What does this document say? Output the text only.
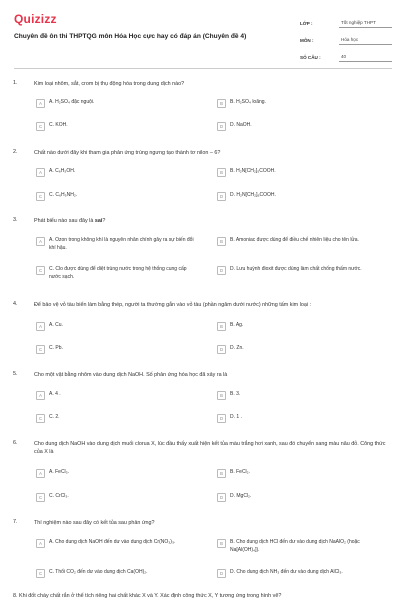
Quizizz
Chuyên đề ôn thi THPTQG môn Hóa Học cực hay có đáp án (Chuyên đề 4)
LỚP :	Tốt nghiệp THPT
MÔN :	Hóa học
SỐ CÂU :	40
1.	Kim loại nhôm, sắt, crom bị thụ động hóa trong dung dịch nào?
A	A. H₂SO₄ đặc nguội.	B	B. H₂SO₄ loãng.
C	C. KOH.	D	D. NaOH.
2.	Chất nào dưới đây khi tham gia phản ứng trùng ngưng tạo thành tơ nilon – 6?
A	A. C₆H₅OH.	B	B. H₂N[CH₂]₅COOH.
C	C. C₆H₅NH₂.	D	D. H₂N[CH₂]₆COOH.
3.	Phát biểu nào sau đây là sai?
A	A. Ozon trong không khí là nguyên nhân chính gây ra sự biến đổi khí hậu.
B	B. Amoniac được dùng để điều chế nhiên liệu cho tên lửa.
C	C. Clo được dùng để diệt trùng nước trong hệ thống cung cấp nước sạch.
D	D. Lưu huỳnh đioxit được dùng làm chất chống thấm nước.
4.	Để bảo vệ vỏ tàu biển làm bằng thép, người ta thường gắn vào vỏ tàu (phần ngâm dưới nước) những tấm kim loại :
A	A. Cu.	B	B. Ag.
C	C. Pb.	D	D. Zn.
5.	Cho một vật bằng nhôm vào dung dịch NaOH. Số phản ứng hóa học đã xảy ra là
A	A. 4 .	B	B. 3.
C	C. 2.	D	D. 1 .
6.	Cho dung dịch NaOH vào dung dịch muối clorua X, lúc đầu thấy xuất hiện kết tủa màu trắng hơi xanh, sau đó chuyển sang màu nâu đỏ. Công thức của X là
A	A. FeCl₃.	B	B. FeCl₂.
C	C. CrCl₃.	D	D. MgCl₂.
7.	Thí nghiệm nào sau đây có kết tủa sau phản ứng?
A	A. Cho dung dịch NaOH đến dư vào dung dịch Cr(NO₃)₃.	B	B. Cho dung dịch HCl đến dư vào dung dịch NaAlO₂ (hoặc Na[Al(OH)₄]).
C	C. Thổi CO₂ đến dư vào dung dịch Ca(OH)₂.	D	D. Cho dung dịch NH₃ đến dư vào dung dịch AlCl₃.
8. Khi đốt cháy chất rắn ở thể tích riêng hai chất khác X và Y. Xác định công thức X, Y tương ứng trong hình vẽ?
